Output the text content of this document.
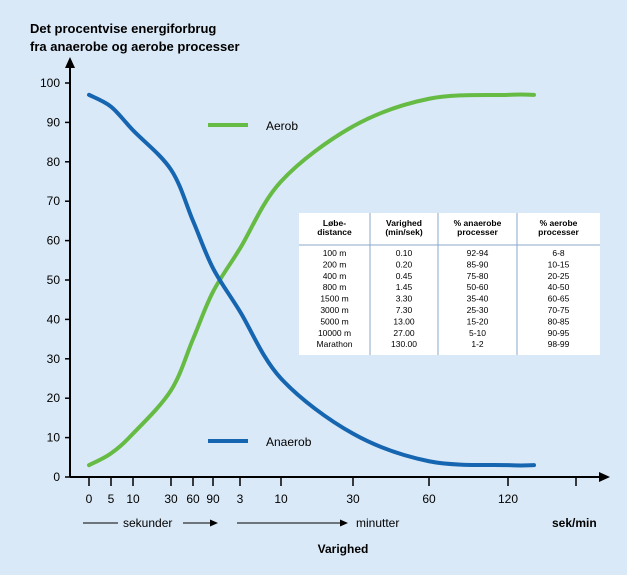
Det procentvise energiforbrug
fra anaerobe og aerobe processer
0
10
20
30
40
50
60
70
80
90
100
0 5 10 30 60 90 3	10	30	60	120
Aerob
Anaerob
Løbe-
distance
Varighed
(min/sek)
% anaerobe
processer
% aerobe
processer
100 m	0.10	92-94	6-8
200 m	0.20	85-90	10-15
400 m	0.45	75-80	20-25
800 m	1.45	50-60	40-50
1500 m	3.30	35-40	60-65
3000 m	7.30	25-30	70-75
5000 m	13.00	15-20	80-85
10000 m	27.00	5-10	90-95
Marathon	130.00	1-2	98-99
sekunder	minutter	sek/min
Varighed
